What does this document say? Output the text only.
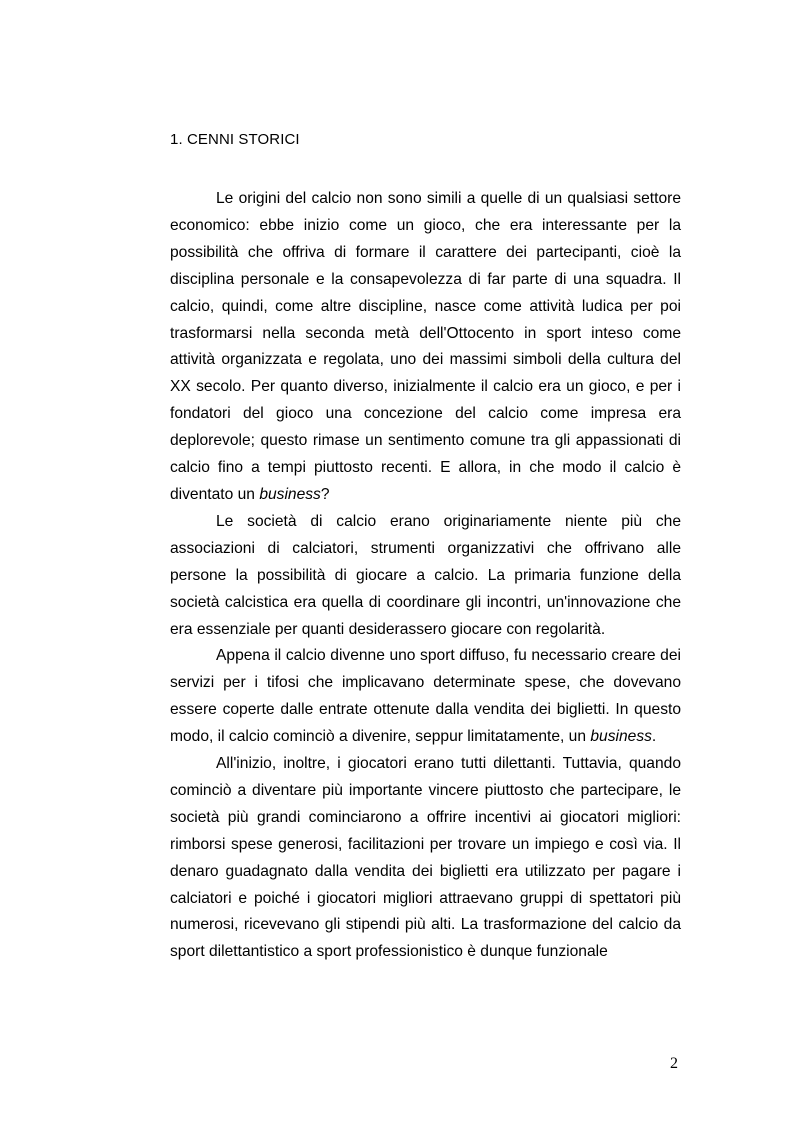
1. CENNI STORICI

Le origini del calcio non sono simili a quelle di un qualsiasi settore economico: ebbe inizio come un gioco, che era interessante per la possibilità che offriva di formare il carattere dei partecipanti, cioè la disciplina personale e la consapevolezza di far parte di una squadra. Il calcio, quindi, come altre discipline, nasce come attività ludica per poi trasformarsi nella seconda metà dell'Ottocento in sport inteso come attività organizzata e regolata, uno dei massimi simboli della cultura del XX secolo. Per quanto diverso, inizialmente il calcio era un gioco, e per i fondatori del gioco una concezione del calcio come impresa era deplorevole; questo rimase un sentimento comune tra gli appassionati di calcio fino a tempi piuttosto recenti. E allora, in che modo il calcio è diventato un business?

Le società di calcio erano originariamente niente più che associazioni di calciatori, strumenti organizzativi che offrivano alle persone la possibilità di giocare a calcio. La primaria funzione della società calcistica era quella di coordinare gli incontri, un'innovazione che era essenziale per quanti desiderassero giocare con regolarità.

Appena il calcio divenne uno sport diffuso, fu necessario creare dei servizi per i tifosi che implicavano determinate spese, che dovevano essere coperte dalle entrate ottenute dalla vendita dei biglietti. In questo modo, il calcio cominciò a divenire, seppur limitatamente, un business.

All'inizio, inoltre, i giocatori erano tutti dilettanti. Tuttavia, quando cominciò a diventare più importante vincere piuttosto che partecipare, le società più grandi cominciarono a offrire incentivi ai giocatori migliori: rimborsi spese generosi, facilitazioni per trovare un impiego e così via. Il denaro guadagnato dalla vendita dei biglietti era utilizzato per pagare i calciatori e poiché i giocatori migliori attraevano gruppi di spettatori più numerosi, ricevevano gli stipendi più alti. La trasformazione del calcio da sport dilettantistico a sport professionistico è dunque funzionale

2
